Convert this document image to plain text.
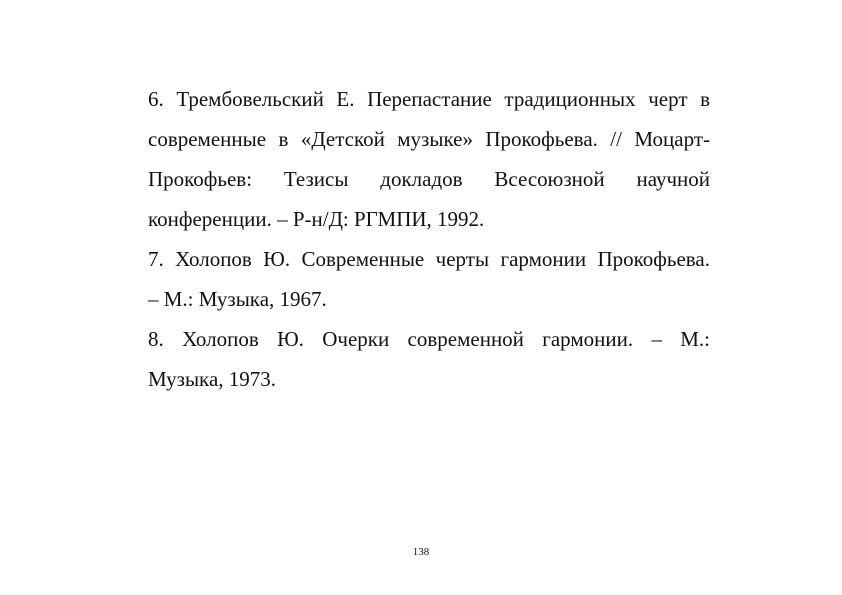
6. Трембовельский Е. Перепастание традиционных черт в
современные в «Детской музыке» Прокофьева. // Моцарт-
Прокофьев: Тезисы докладов Всесоюзной научной
конференции. – Р-н/Д: РГМПИ, 1992.
7. Холопов Ю. Современные черты гармонии Прокофьева.
– М.: Музыка, 1967.
8. Холопов Ю. Очерки современной гармонии. – М.:
Музыка, 1973.
138
